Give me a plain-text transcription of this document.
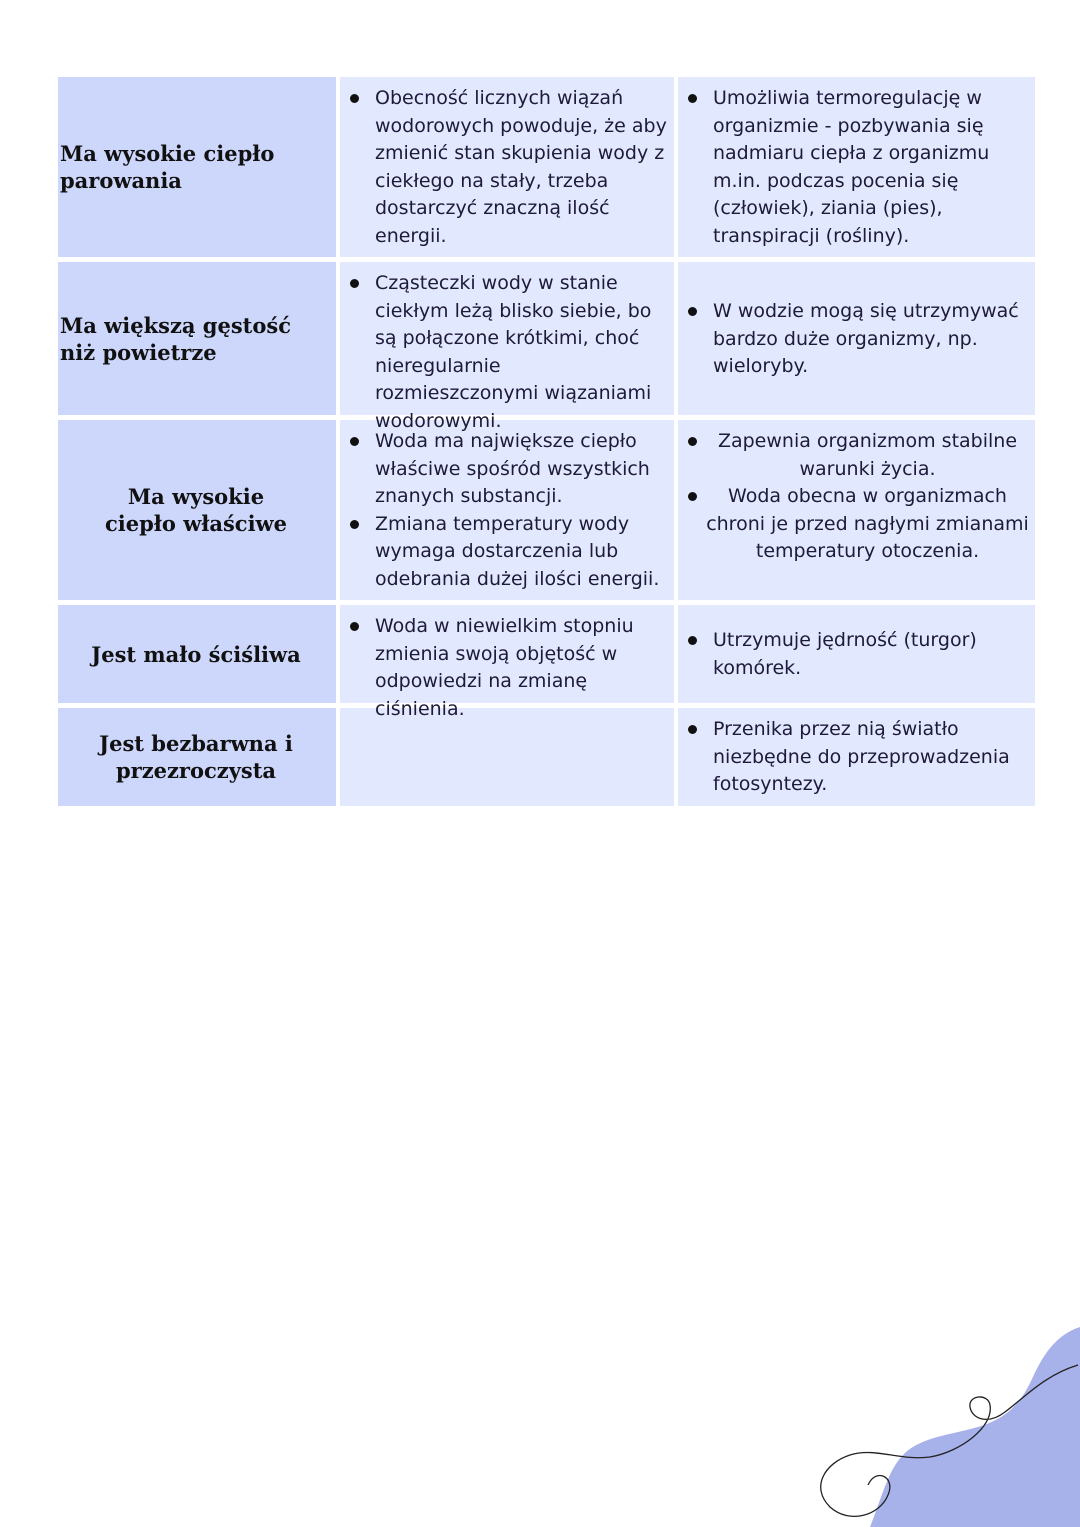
Ma wysokie ciepło parowania
Obecność licznych wiązań wodorowych powoduje, że aby zmienić stan skupienia wody z ciekłego na stały, trzeba dostarczyć znaczną ilość energii.
Umożliwia termoregulację w organizmie - pozbywania się nadmiaru ciepła z organizmu m.in. podczas pocenia się (człowiek), ziania (pies), transpiracji (rośliny).
Ma większą gęstość niż powietrze
Cząsteczki wody w stanie ciekłym leżą blisko siebie, bo są połączone krótkimi, choć nieregularnie rozmieszczonymi wiązaniami wodorowymi.
W wodzie mogą się utrzymywać bardzo duże organizmy, np. wieloryby.
Ma wysokie ciepło właściwe
Woda ma największe ciepło właściwe spośród wszystkich znanych substancji.
Zmiana temperatury wody wymaga dostarczenia lub odebrania dużej ilości energii.
Zapewnia organizmom stabilne warunki życia.
Woda obecna w organizmach chroni je przed nagłymi zmianami temperatury otoczenia.
Jest mało ściśliwa
Woda w niewielkim stopniu zmienia swoją objętość w odpowiedzi na zmianę ciśnienia.
Utrzymuje jędrność (turgor) komórek.
Jest bezbarwna i przezroczysta
Przenika przez nią światło niezbędne do przeprowadzenia fotosyntezy.
